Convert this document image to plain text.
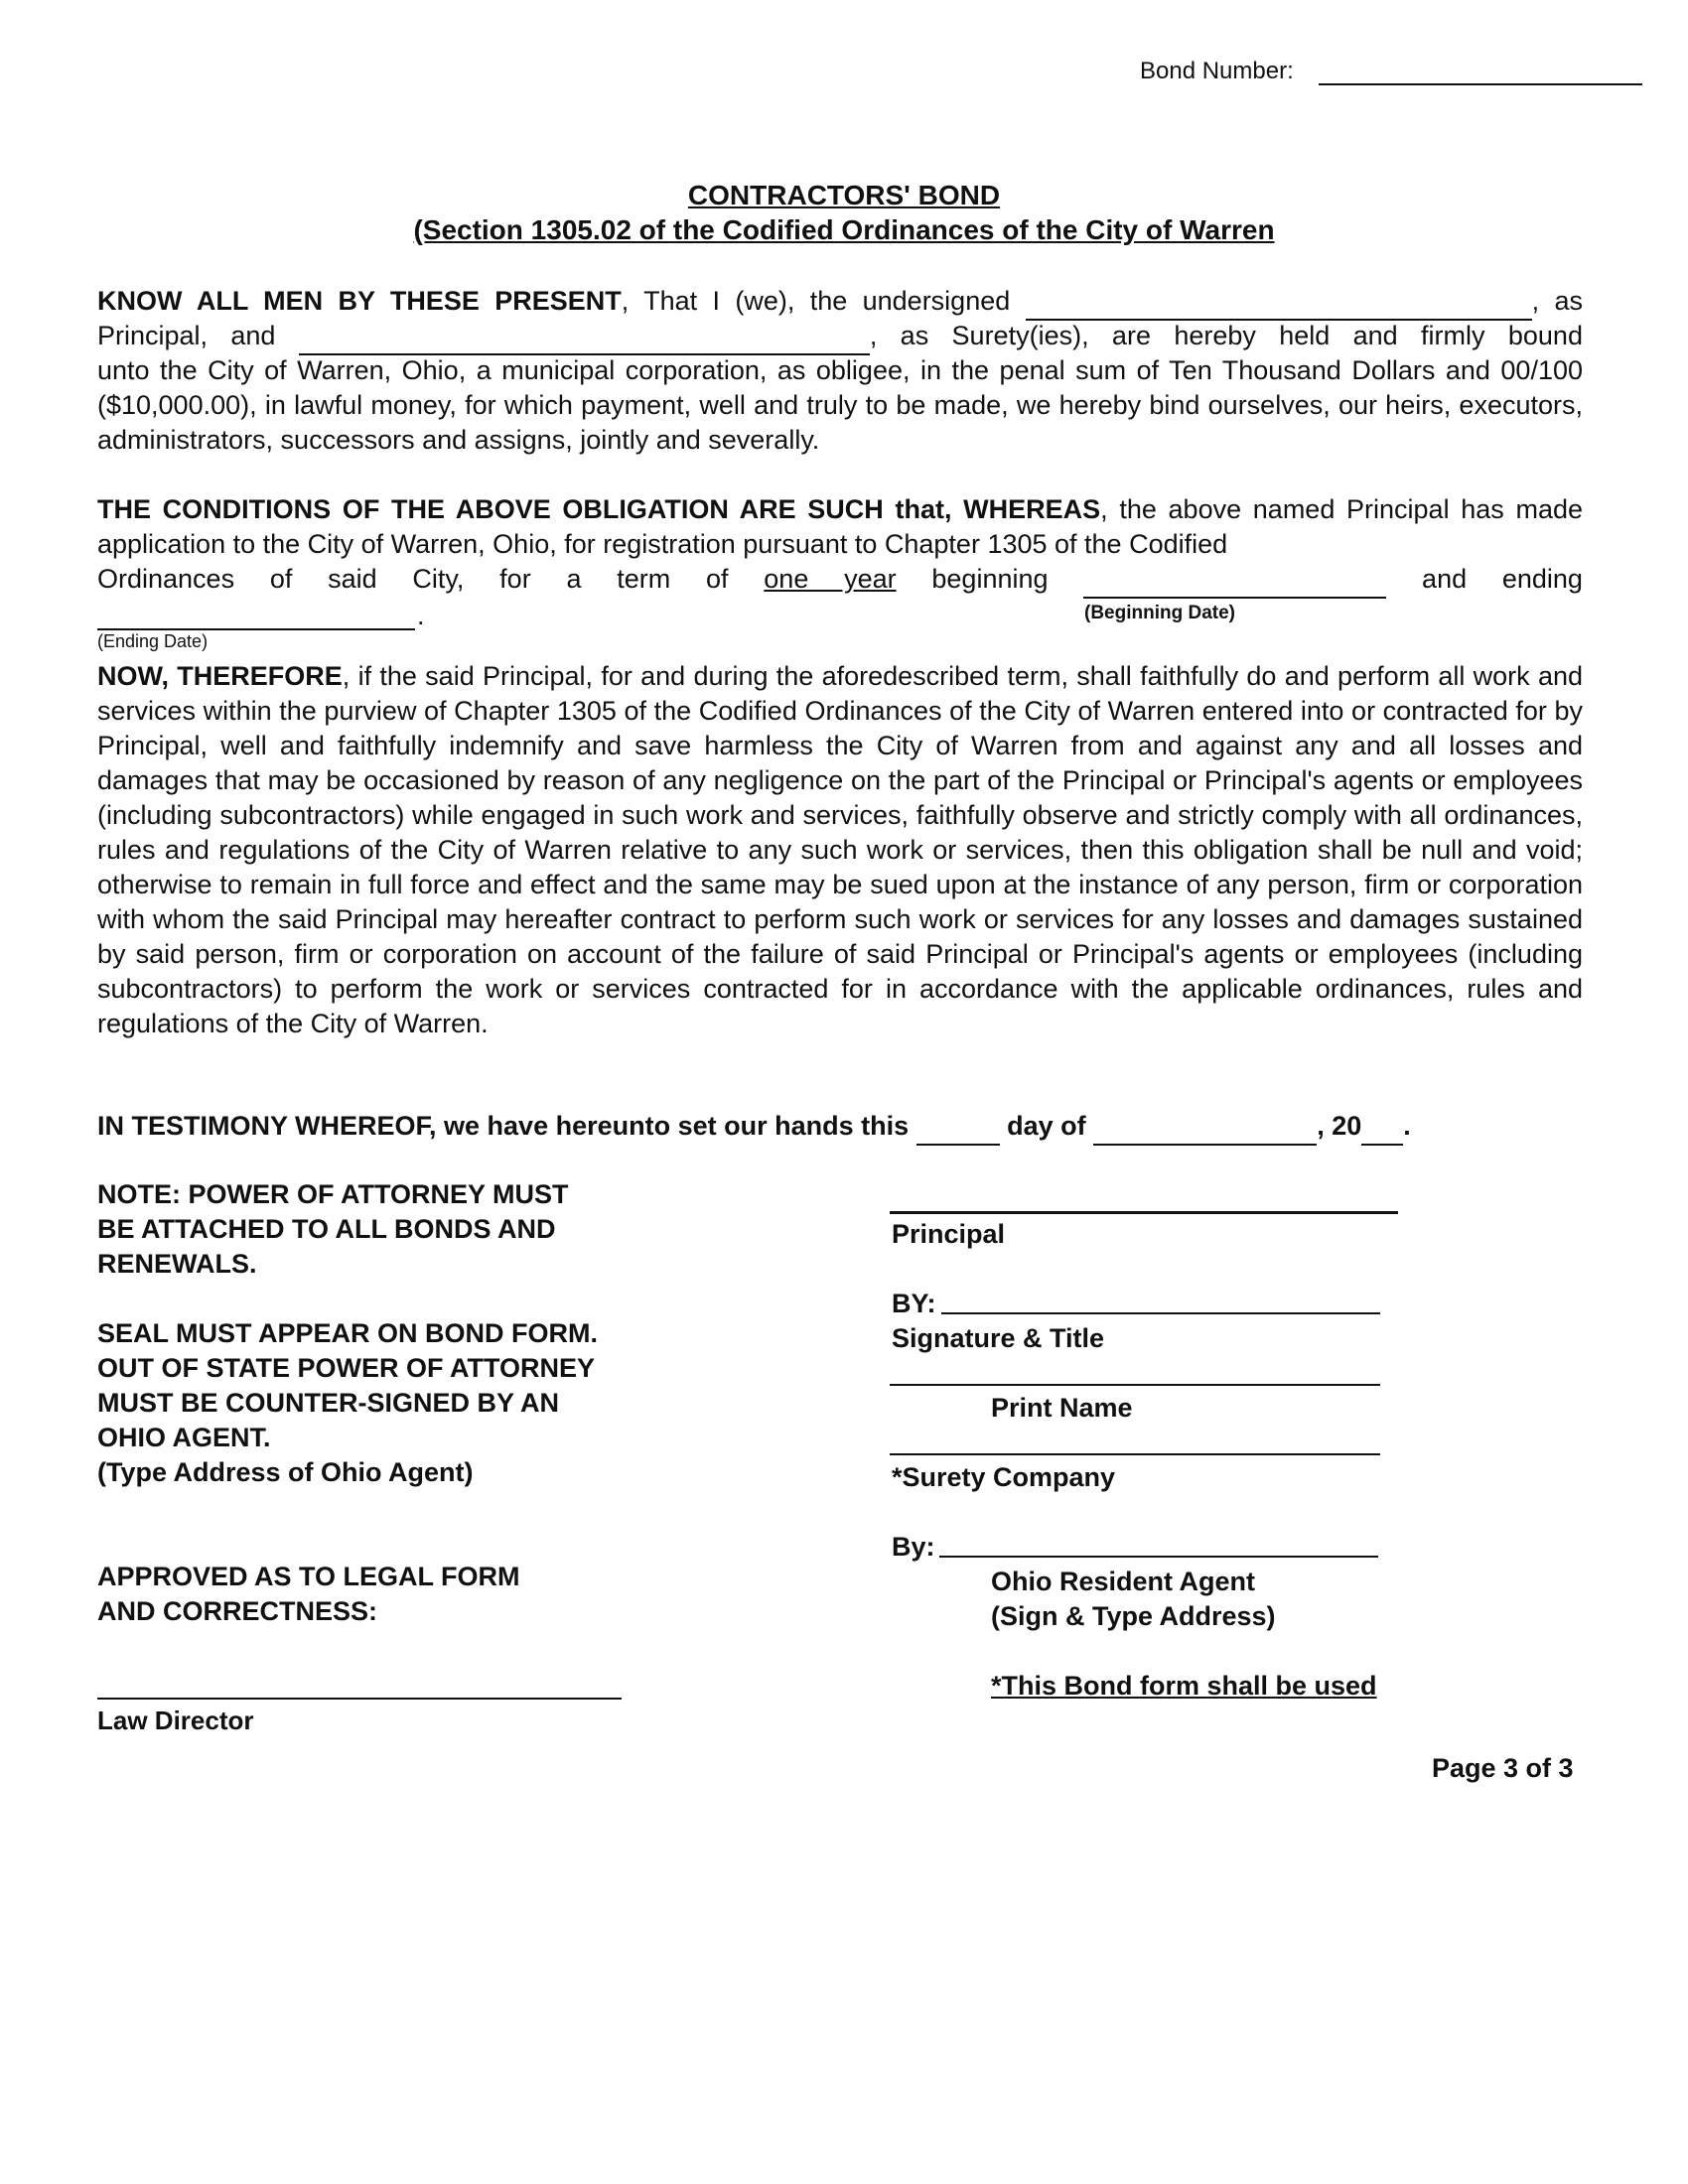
Bond Number:
CONTRACTORS' BOND
(Section 1305.02 of the Codified Ordinances of the City of Warren
KNOW ALL MEN BY THESE PRESENT, That I (we), the undersigned	, as
Principal, and	, as Surety(ies), are hereby held and firmly bound
unto the City of Warren, Ohio, a municipal corporation, as obligee, in the penal sum of Ten Thousand Dollars and 00/100 ($10,000.00), in lawful money, for which payment, well and truly to be made, we hereby bind ourselves, our heirs, executors, administrators, successors and assigns, jointly and severally.
THE CONDITIONS OF THE ABOVE OBLIGATION ARE SUCH that, WHEREAS, the above named Principal has made application to the City of Warren, Ohio, for registration pursuant to Chapter 1305 of the Codified
Ordinances of said City, for a term of one year beginning	and ending
.	(Beginning Date)
(Ending Date)
NOW, THEREFORE, if the said Principal, for and during the aforedescribed term, shall faithfully do and perform all work and services within the purview of Chapter 1305 of the Codified Ordinances of the City of Warren entered into or contracted for by Principal, well and faithfully indemnify and save harmless the City of Warren from and against any and all losses and damages that may be occasioned by reason of any negligence on the part of the Principal or Principal's agents or employees (including subcontractors) while engaged in such work and services, faithfully observe and strictly comply with all ordinances, rules and regulations of the City of Warren relative to any such work or services, then this obligation shall be null and void; otherwise to remain in full force and effect and the same may be sued upon at the instance of any person, firm or corporation with whom the said Principal may hereafter contract to perform such work or services for any losses and damages sustained by said person, firm or corporation on account of the failure of said Principal or Principal's agents or employees (including subcontractors) to perform the work or services contracted for in accordance with the applicable ordinances, rules and regulations of the City of Warren.
IN TESTIMONY WHEREOF, we have hereunto set our hands this	day of	, 20 .
NOTE: POWER OF ATTORNEY MUST
BE ATTACHED TO ALL BONDS AND
RENEWALS.
SEAL MUST APPEAR ON BOND FORM.
OUT OF STATE POWER OF ATTORNEY
MUST BE COUNTER-SIGNED BY AN
OHIO AGENT.
(Type Address of Ohio Agent)
APPROVED AS TO LEGAL FORM
AND CORRECTNESS:
Law Director
Principal
BY:
Signature & Title
Print Name
*Surety Company
By:
Ohio Resident Agent
(Sign & Type Address)
*This Bond form shall be used
Page 3 of 3
